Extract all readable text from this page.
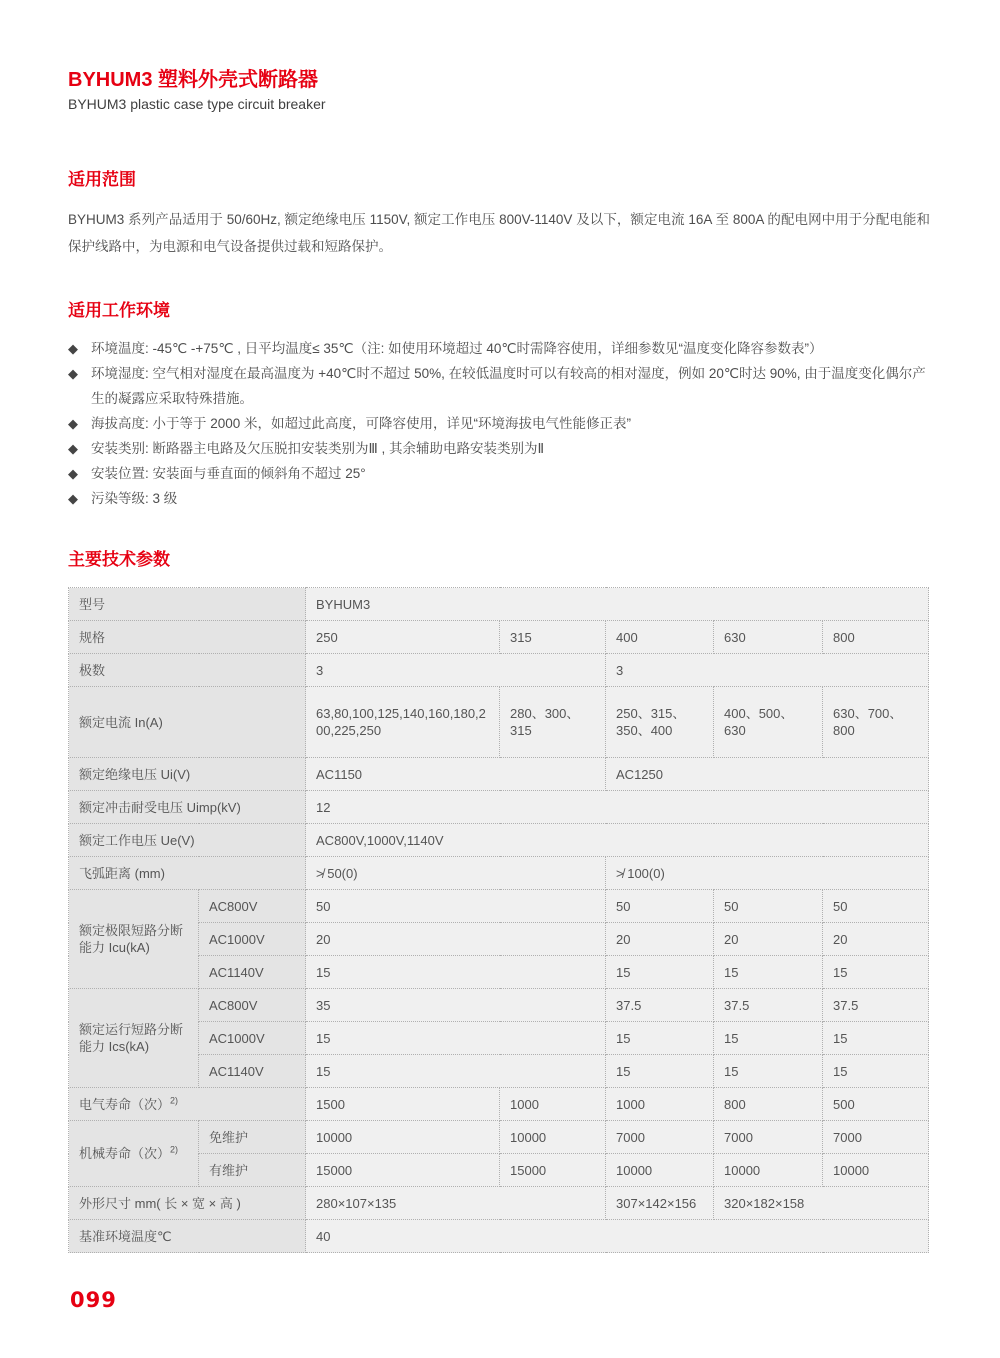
BYHUM3 塑料外壳式断路器
BYHUM3 plastic case type circuit breaker
适用范围

BYHUM3 系列产品适用于 50/60Hz, 额定绝缘电压 1150V, 额定工作电压 800V-1140V 及以下，额定电流 16A 至 800A 的配电网中用于分配电能和保护线路中，为电源和电气设备提供过载和短路保护。

适用工作环境
◆ 环境温度: -45℃ -+75℃ , 日平均温度≤ 35℃（注: 如使用环境超过 40℃时需降容使用，详细参数见“温度变化降容参数表”）
◆ 环境湿度: 空气相对湿度在最高温度为 +40℃时不超过 50%, 在较低温度时可以有较高的相对湿度，例如 20℃时达 90%, 由于温度变化偶尔产生的凝露应采取特殊措施。
◆ 海拔高度: 小于等于 2000 米，如超过此高度，可降容使用，详见“环境海拔电气性能修正表”
◆ 安装类别: 断路器主电路及欠压脱扣安装类别为Ⅲ , 其余辅助电路安装类别为Ⅱ
◆ 安装位置: 安装面与垂直面的倾斜角不超过 25°
◆ 污染等级: 3 级
主要技术参数
型号		BYHUM3				
规格		250	315	400	630	800
极数		3		3		
额定电流 In(A)		63,80,100,125,140,160,180,200,225,250	280、300、315	250、315、350、400	400、500、630	630、700、800
额定绝缘电压 Ui(V)		AC1150		AC1250		
额定冲击耐受电压 Uimp(kV)		12				
额定工作电压 Ue(V)		AC800V,1000V,1140V				
飞弧距离 (mm)		≯ 50(0)		≯ 100(0)		
额定极限短路分断能力 Icu(kA)	AC800V	50		50	50	50
	AC1000V	20		20	20	20
	AC1140V	15		15	15	15
额定运行短路分断能力 Ics(kA)	AC800V	35		37.5	37.5	37.5
	AC1000V	15		15	15	15
	AC1140V	15		15	15	15
电气寿命（次）$^{2)}$		1500	1000	1000	800	500
机械寿命（次）$^{2)}$	免维护	10000	10000	7000	7000	7000
	有维护	15000	15000	10000	10000	10000
外形尺寸 mm( 长 × 宽 × 高 )		280×107×135		307×142×156	320×182×158	
基准环境温度℃		40				
099
